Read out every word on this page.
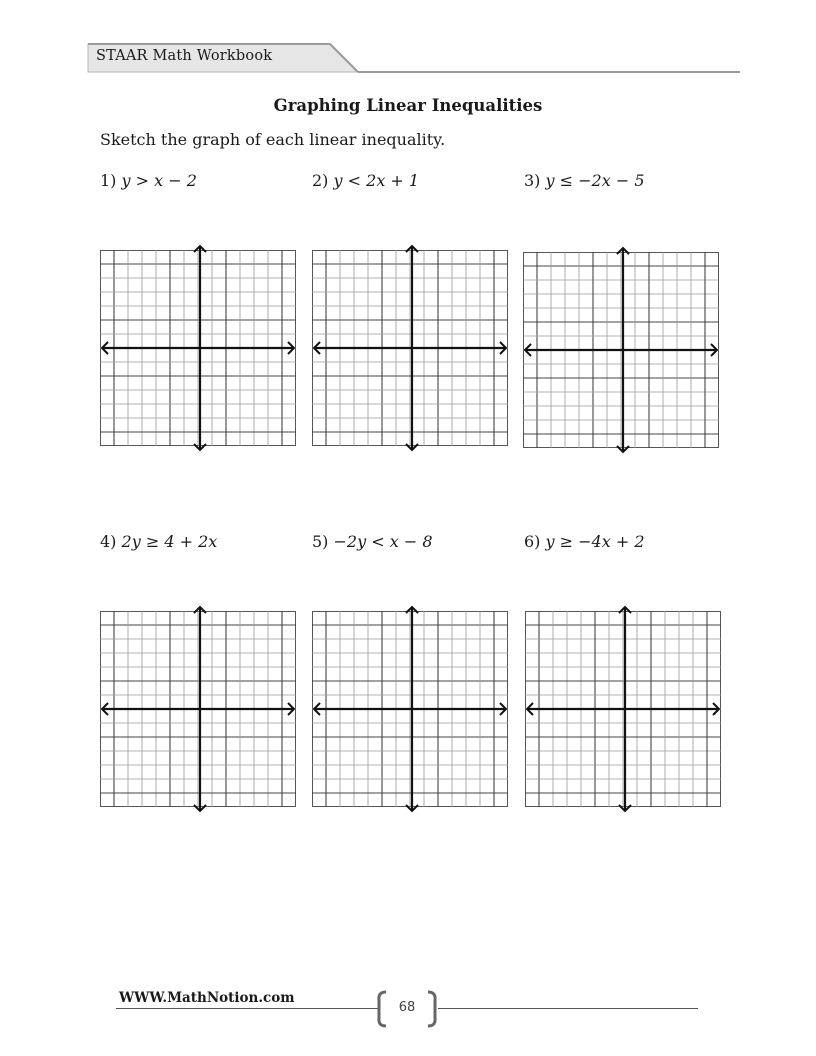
STAAR Math Workbook
Graphing Linear Inequalities
Sketch the graph of each linear inequality.
1) y > x − 2	2) y < 2x + 1	3) y ≤ −2x − 5
4) 2y ≥ 4 + 2x	5) −2y < x − 8	6) y ≥ −4x + 2
WWW.MathNotion.com
68
